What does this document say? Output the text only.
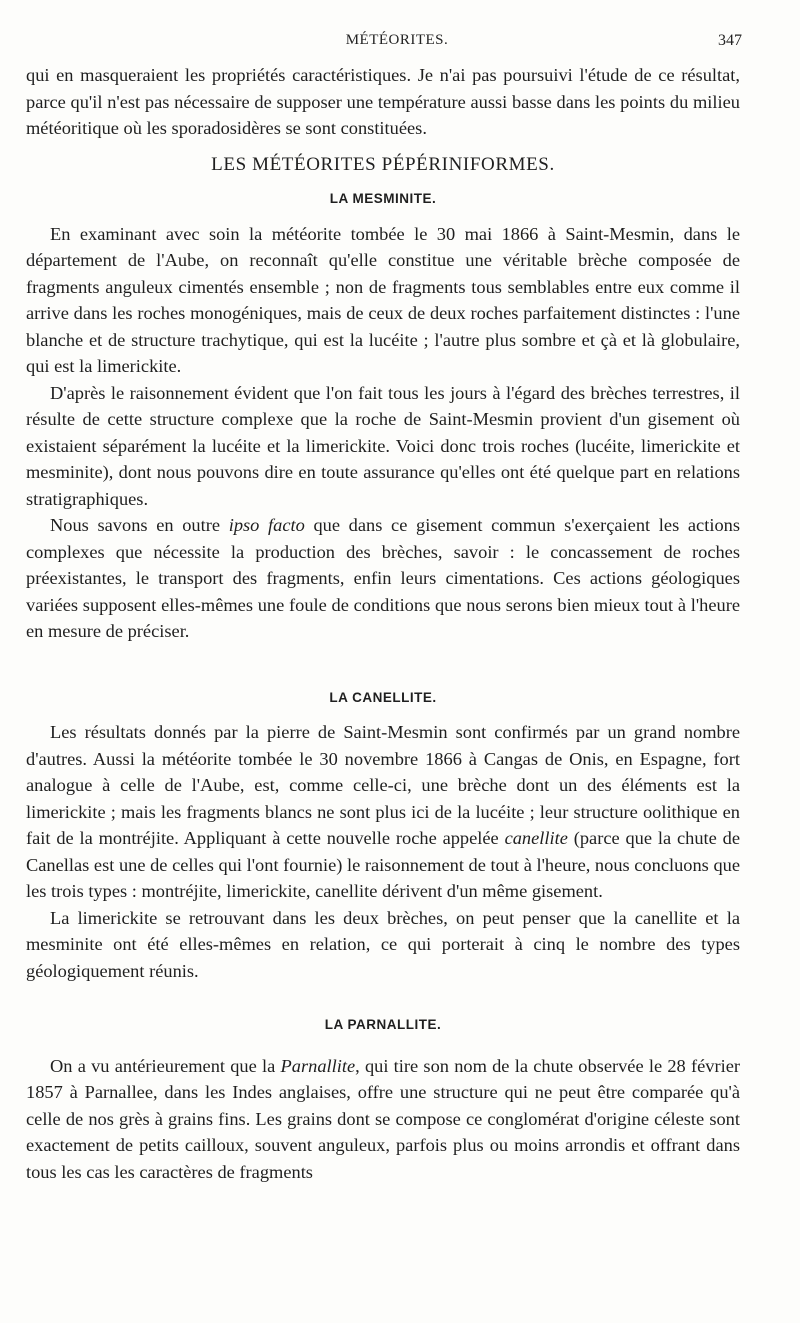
MÉTÉORITES.	347

qui en masqueraient les propriétés caractéristiques. Je n'ai pas poursuivi l'étude de ce résultat, parce qu'il n'est pas nécessaire de supposer une température aussi basse dans les points du milieu météoritique où les sporadosidères se sont constituées.

LES MÉTÉORITES PÉPÉRINIFORMES.
LA MESMINITE.

En examinant avec soin la météorite tombée le 30 mai 1866 à Saint-Mesmin, dans le département de l'Aube, on reconnaît qu'elle constitue une véritable brèche composée de fragments anguleux cimentés ensemble ; non de fragments tous semblables entre eux comme il arrive dans les roches monogéniques, mais de ceux de deux roches parfaitement distinctes : l'une blanche et de structure trachytique, qui est la lucéite ; l'autre plus sombre et çà et là globulaire, qui est la limerickite.

D'après le raisonnement évident que l'on fait tous les jours à l'égard des brèches terrestres, il résulte de cette structure complexe que la roche de Saint-Mesmin provient d'un gisement où existaient séparément la lucéite et la limerickite. Voici donc trois roches (lucéite, limerickite et mesminite), dont nous pouvons dire en toute assurance qu'elles ont été quelque part en relations stratigraphiques.

Nous savons en outre ipso facto que dans ce gisement commun s'exerçaient les actions complexes que nécessite la production des brèches, savoir : le concassement de roches préexistantes, le transport des fragments, enfin leurs cimentations. Ces actions géologiques variées supposent elles-mêmes une foule de conditions que nous serons bien mieux tout à l'heure en mesure de préciser.

LA CANELLITE.

Les résultats donnés par la pierre de Saint-Mesmin sont confirmés par un grand nombre d'autres. Aussi la météorite tombée le 30 novembre 1866 à Cangas de Onis, en Espagne, fort analogue à celle de l'Aube, est, comme celle-ci, une brèche dont un des éléments est la limerickite ; mais les fragments blancs ne sont plus ici de la lucéite ; leur structure oolithique en fait de la montréjite. Appliquant à cette nouvelle roche appelée canellite (parce que la chute de Canellas est une de celles qui l'ont fournie) le raisonnement de tout à l'heure, nous concluons que les trois types : montréjite, limerickite, canellite dérivent d'un même gisement.

La limerickite se retrouvant dans les deux brèches, on peut penser que la canellite et la mesminite ont été elles-mêmes en relation, ce qui porterait à cinq le nombre des types géologiquement réunis.

LA PARNALLITE.

On a vu antérieurement que la Parnallite, qui tire son nom de la chute observée le 28 février 1857 à Parnallee, dans les Indes anglaises, offre une structure qui ne peut être comparée qu'à celle de nos grès à grains fins. Les grains dont se compose ce conglomérat d'origine céleste sont exactement de petits cailloux, souvent anguleux, parfois plus ou moins arrondis et offrant dans tous les cas les caractères de fragments
